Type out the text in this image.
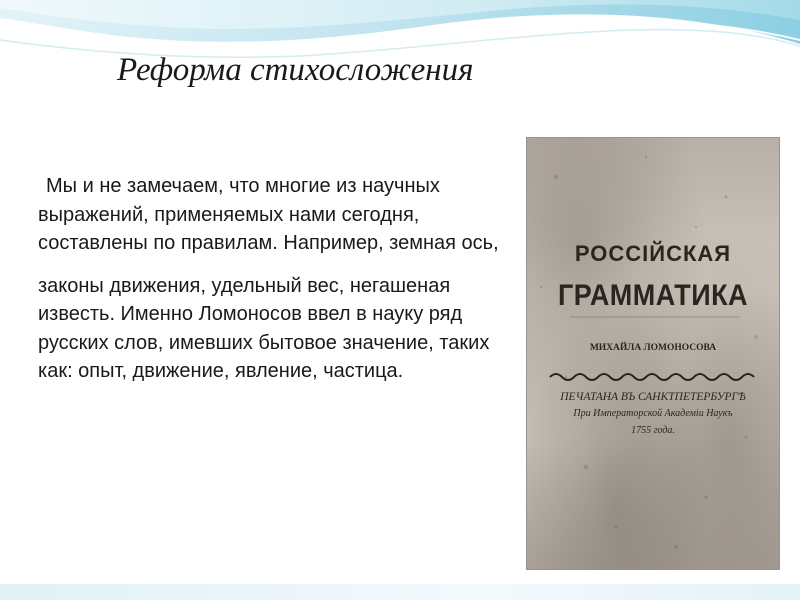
Реформа стихосложения

Мы и не замечаем, что многие из научных выражений, применяемых нами сегодня, составлены по правилам. Например, земная ось,

законы движения, удельный вес, негашеная известь. Именно Ломоносов ввел в науку ряд русских слов, имевших бытовое значение, таких как: опыт, движение, явление, частица.

РОССІЙСКАЯ
ГРАММАТИКА
МИХАЙЛА ЛОМОНОСОВА
ПЕЧАТАНА ВЪ САНКТПЕТЕРБУРГѢ
При Императорской Академіи Наукъ
1755 года.
